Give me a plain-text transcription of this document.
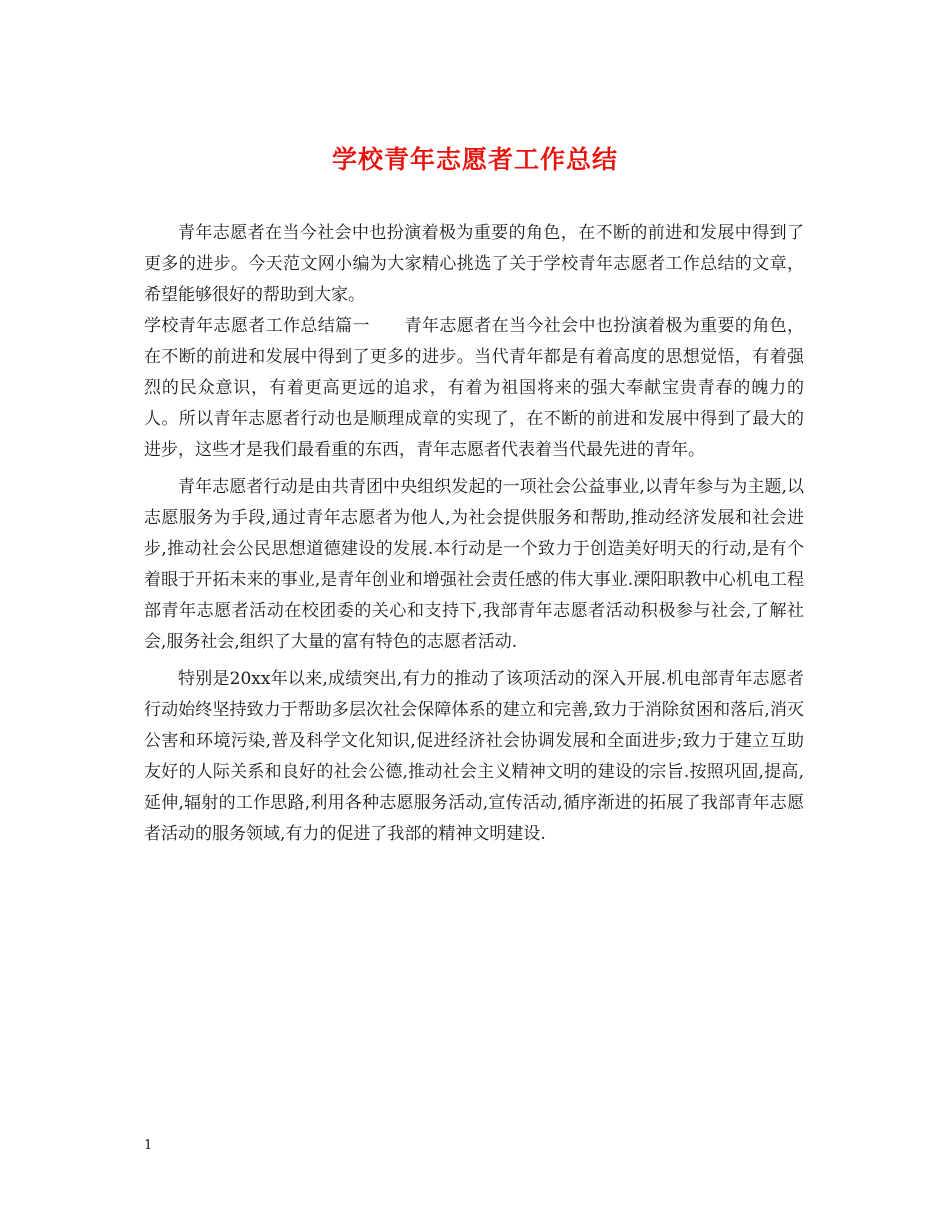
学校青年志愿者工作总结

青年志愿者在当今社会中也扮演着极为重要的角色，在不断的前进和发展中得到了更多的进步。今天范文网小编为大家精心挑选了关于学校青年志愿者工作总结的文章，希望能够很好的帮助到大家。

学校青年志愿者工作总结篇一　　青年志愿者在当今社会中也扮演着极为重要的角色，在不断的前进和发展中得到了更多的进步。当代青年都是有着高度的思想觉悟，有着强烈的民众意识，有着更高更远的追求，有着为祖国将来的强大奉献宝贵青春的魄力的人。所以青年志愿者行动也是顺理成章的实现了，在不断的前进和发展中得到了最大的进步，这些才是我们最看重的东西，青年志愿者代表着当代最先进的青年。

青年志愿者行动是由共青团中央组织发起的一项社会公益事业,以青年参与为主题,以志愿服务为手段,通过青年志愿者为他人,为社会提供服务和帮助,推动经济发展和社会进步,推动社会公民思想道德建设的发展.本行动是一个致力于创造美好明天的行动,是有个着眼于开拓未来的事业,是青年创业和增强社会责任感的伟大事业.溧阳职教中心机电工程部青年志愿者活动在校团委的关心和支持下,我部青年志愿者活动积极参与社会,了解社会,服务社会,组织了大量的富有特色的志愿者活动.

特别是20xx年以来,成绩突出,有力的推动了该项活动的深入开展.机电部青年志愿者行动始终坚持致力于帮助多层次社会保障体系的建立和完善,致力于消除贫困和落后,消灭公害和环境污染,普及科学文化知识,促进经济社会协调发展和全面进步;致力于建立互助友好的人际关系和良好的社会公德,推动社会主义精神文明的建设的宗旨.按照巩固,提高,延伸,辐射的工作思路,利用各种志愿服务活动,宣传活动,循序渐进的拓展了我部青年志愿者活动的服务领域,有力的促进了我部的精神文明建设.

1
